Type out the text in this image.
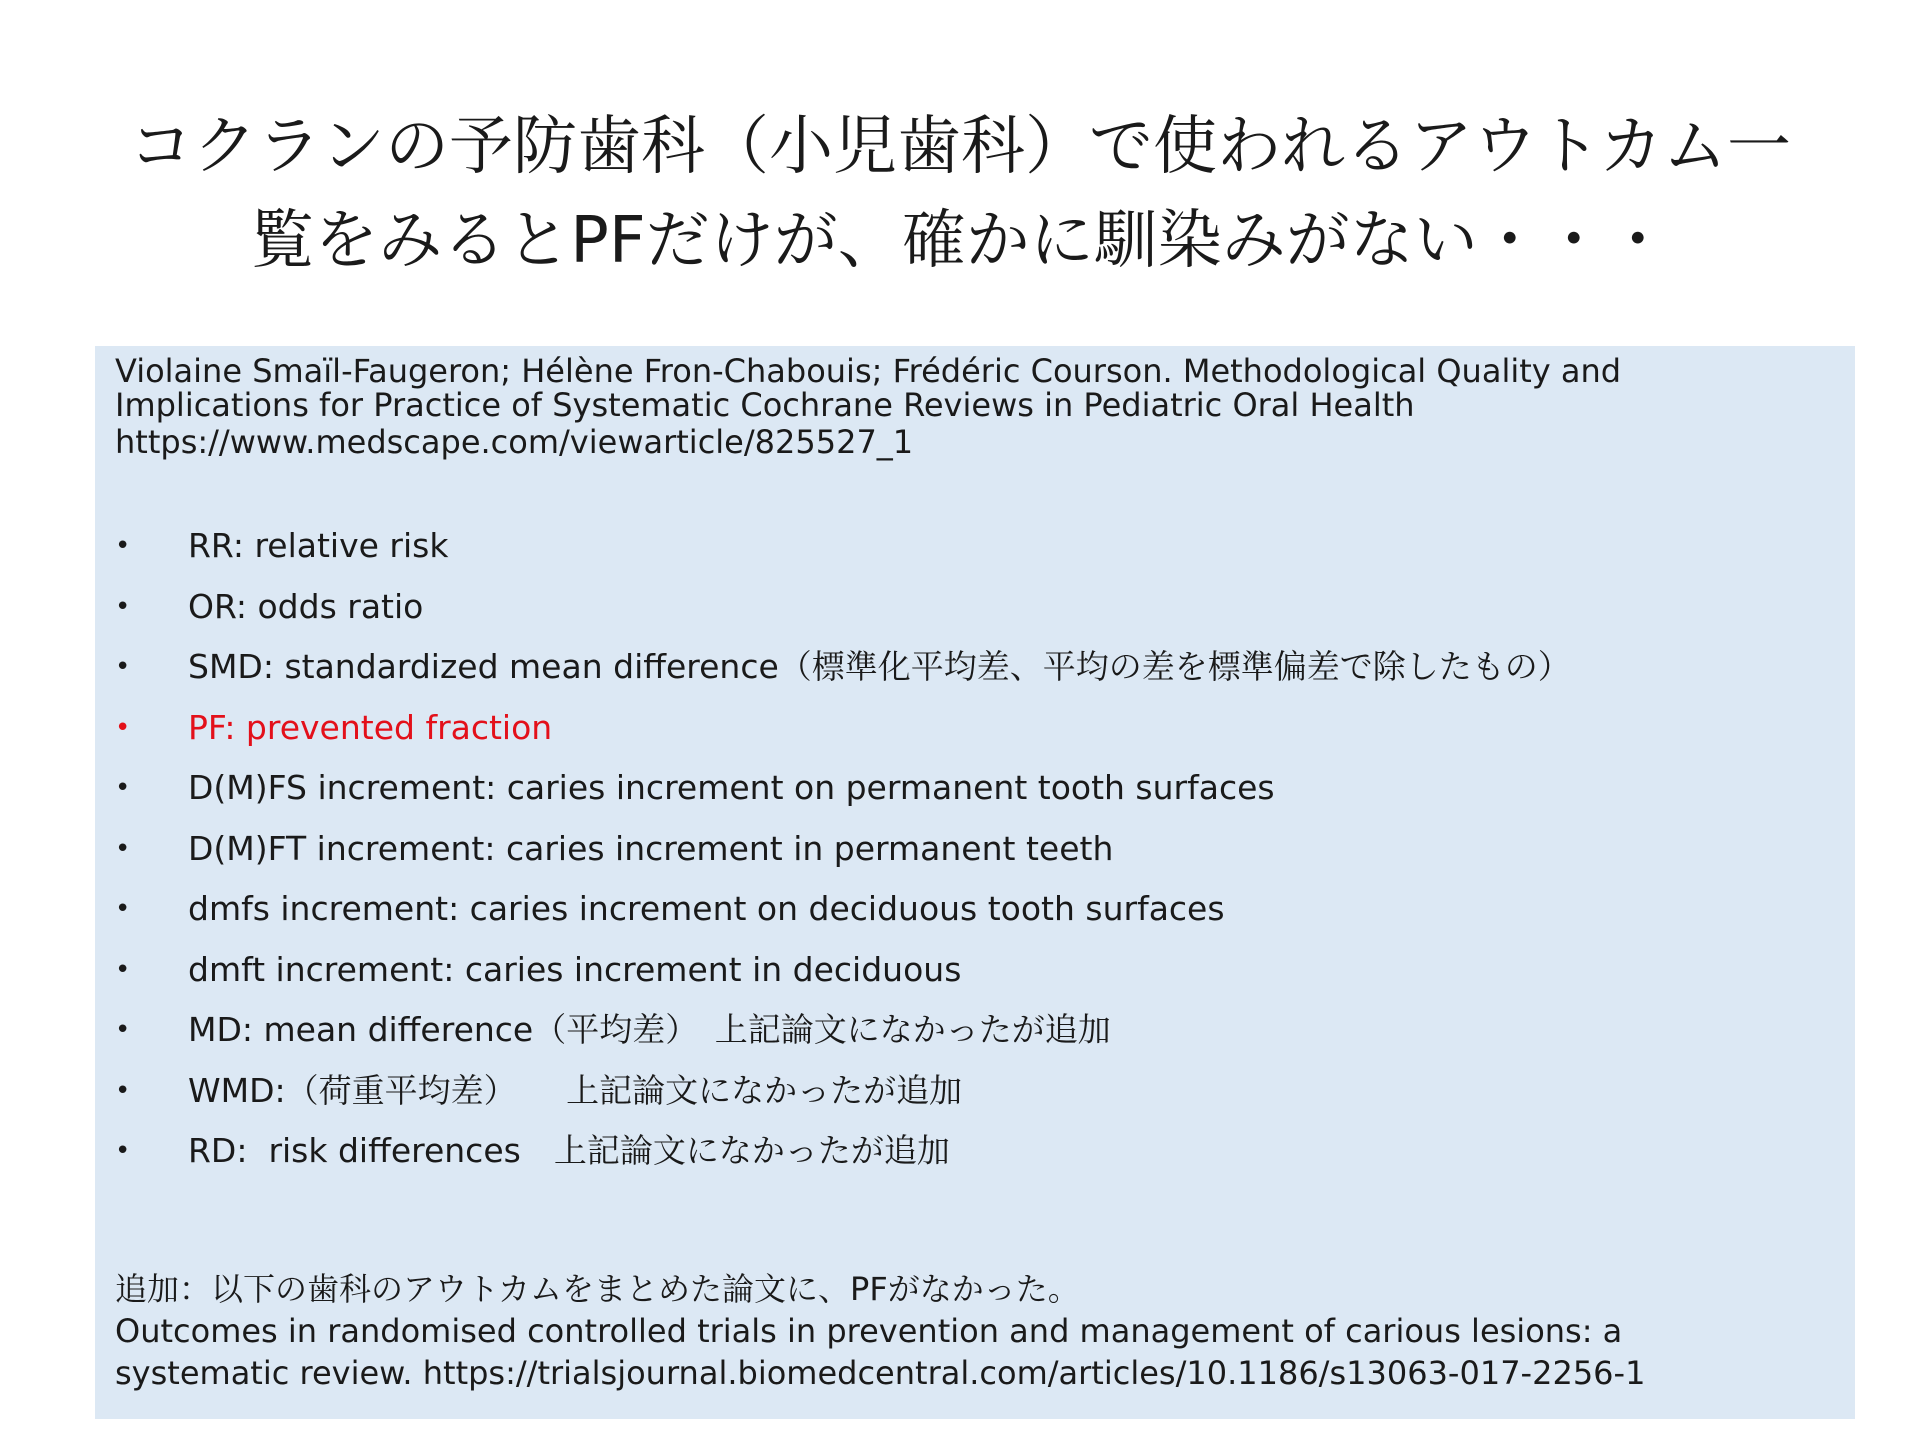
コクランの予防歯科（小児歯科）で使われるアウトカム一
覧をみるとPFだけが、確かに馴染みがない・・・
Violaine Smaïl-Faugeron; Hélène Fron-Chabouis; Frédéric Courson. Methodological Quality and
Implications for Practice of Systematic Cochrane Reviews in Pediatric Oral Health
https://www.medscape.com/viewarticle/825527_1
• RR: relative risk
• OR: odds ratio
• SMD: standardized mean difference（標準化平均差、平均の差を標準偏差で除したもの）
• PF: prevented fraction
• D(M)FS increment: caries increment on permanent tooth surfaces
• D(M)FT increment: caries increment in permanent teeth
• dmfs increment: caries increment on deciduous tooth surfaces
• dmft increment: caries increment in deciduous
• MD: mean difference（平均差）　上記論文になかったが追加
• WMD:（荷重平均差）　　上記論文になかったが追加
• RD:  risk differences　上記論文になかったが追加
追加：以下の歯科のアウトカムをまとめた論文に、PFがなかった。
Outcomes in randomised controlled trials in prevention and management of carious lesions: a
systematic review. https://trialsjournal.biomedcentral.com/articles/10.1186/s13063-017-2256-1
